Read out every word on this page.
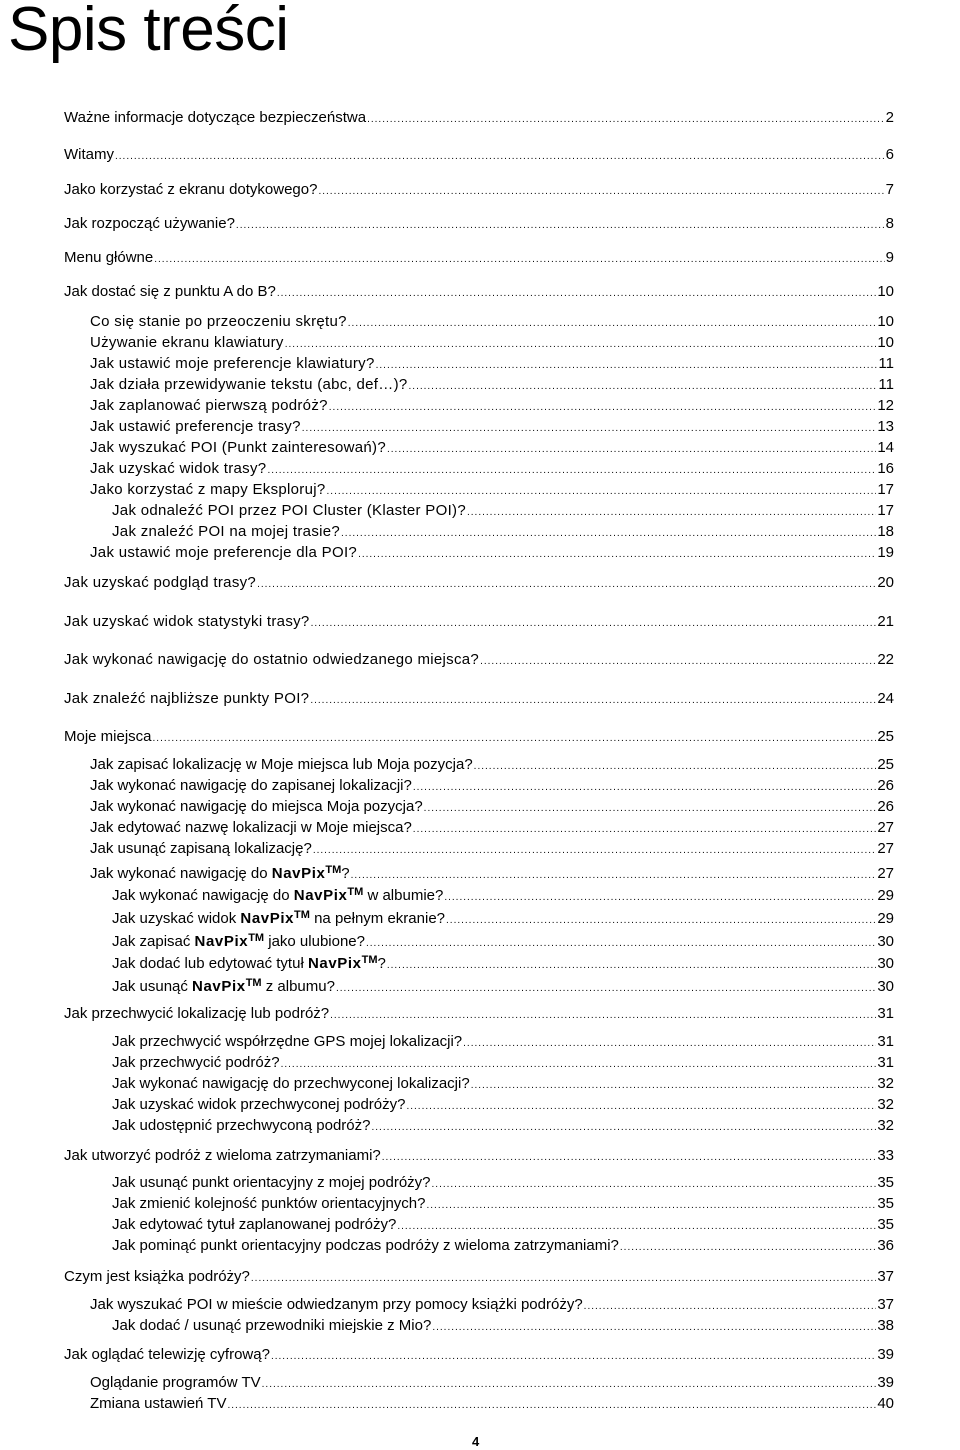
Spis treści
Ważne informacje dotyczące bezpieczeństwa .....	2
Witamy .....	6
Jako korzystać z ekranu dotykowego? .....	7
Jak rozpocząć używanie? .....	8
Menu główne .....	9
Jak dostać się z punktu A do B? .....	10
Co się stanie po przeoczeniu skrętu? .....	10
Używanie ekranu klawiatury .....	10
Jak ustawić moje preferencje klawiatury? .....	11
Jak działa przewidywanie tekstu (abc, def…)? .....	11
Jak zaplanować pierwszą podróż? .....	12
Jak ustawić preferencje trasy? .....	13
Jak wyszukać POI (Punkt zainteresowań)? .....	14
Jak uzyskać widok trasy? .....	16
Jako korzystać z mapy Eksploruj? .....	17
Jak odnaleźć POI przez POI Cluster (Klaster POI)? .....	17
Jak znaleźć POI na mojej trasie? .....	18
Jak ustawić moje preferencje dla POI? .....	19
Jak uzyskać podgląd trasy? .....	20
Jak uzyskać widok statystyki trasy? .....	21
Jak wykonać nawigację do ostatnio odwiedzanego miejsca? .....	22
Jak znaleźć najbliższe punkty POI? .....	24
Moje miejsca .....	25
Jak zapisać lokalizację w Moje miejsca lub Moja pozycja? .....	25
Jak wykonać nawigację do zapisanej lokalizacji? .....	26
Jak wykonać nawigację do miejsca Moja pozycja? .....	26
Jak edytować nazwę lokalizacji w Moje miejsca? .....	27
Jak usunąć zapisaną lokalizację? .....	27
Jak wykonać nawigację do NavPix™? .....	27
Jak wykonać nawigację do NavPix™ w albumie? .....	29
Jak uzyskać widok NavPix™ na pełnym ekranie? .....	29
Jak zapisać NavPix™ jako ulubione? .....	30
Jak dodać lub edytować tytuł NavPix™? .....	30
Jak usunąć NavPix™ z albumu? .....	30
Jak przechwycić lokalizację lub podróż? .....	31
Jak przechwycić współrzędne GPS mojej lokalizacji? .....	31
Jak przechwycić podróż? .....	31
Jak wykonać nawigację do przechwyconej lokalizacji? .....	32
Jak uzyskać widok przechwyconej podróży? .....	32
Jak udostępnić przechwyconą podróż? .....	32
Jak utworzyć podróż z wieloma zatrzymaniami? .....	33
Jak usunąć punkt orientacyjny z mojej podróży? .....	35
Jak zmienić kolejność punktów orientacyjnych? .....	35
Jak edytować tytuł zaplanowanej podróży? .....	35
Jak pominąć punkt orientacyjny podczas podróży z wieloma zatrzymaniami? .....	36
Czym jest książka podróży? .....	37
Jak wyszukać POI w mieście odwiedzanym przy pomocy książki podróży? .....	37
Jak dodać / usunąć przewodniki miejskie z Mio? .....	38
Jak oglądać telewizję cyfrową? .....	39
Oglądanie programów TV .....	39
Zmiana ustawień TV .....	40
4
